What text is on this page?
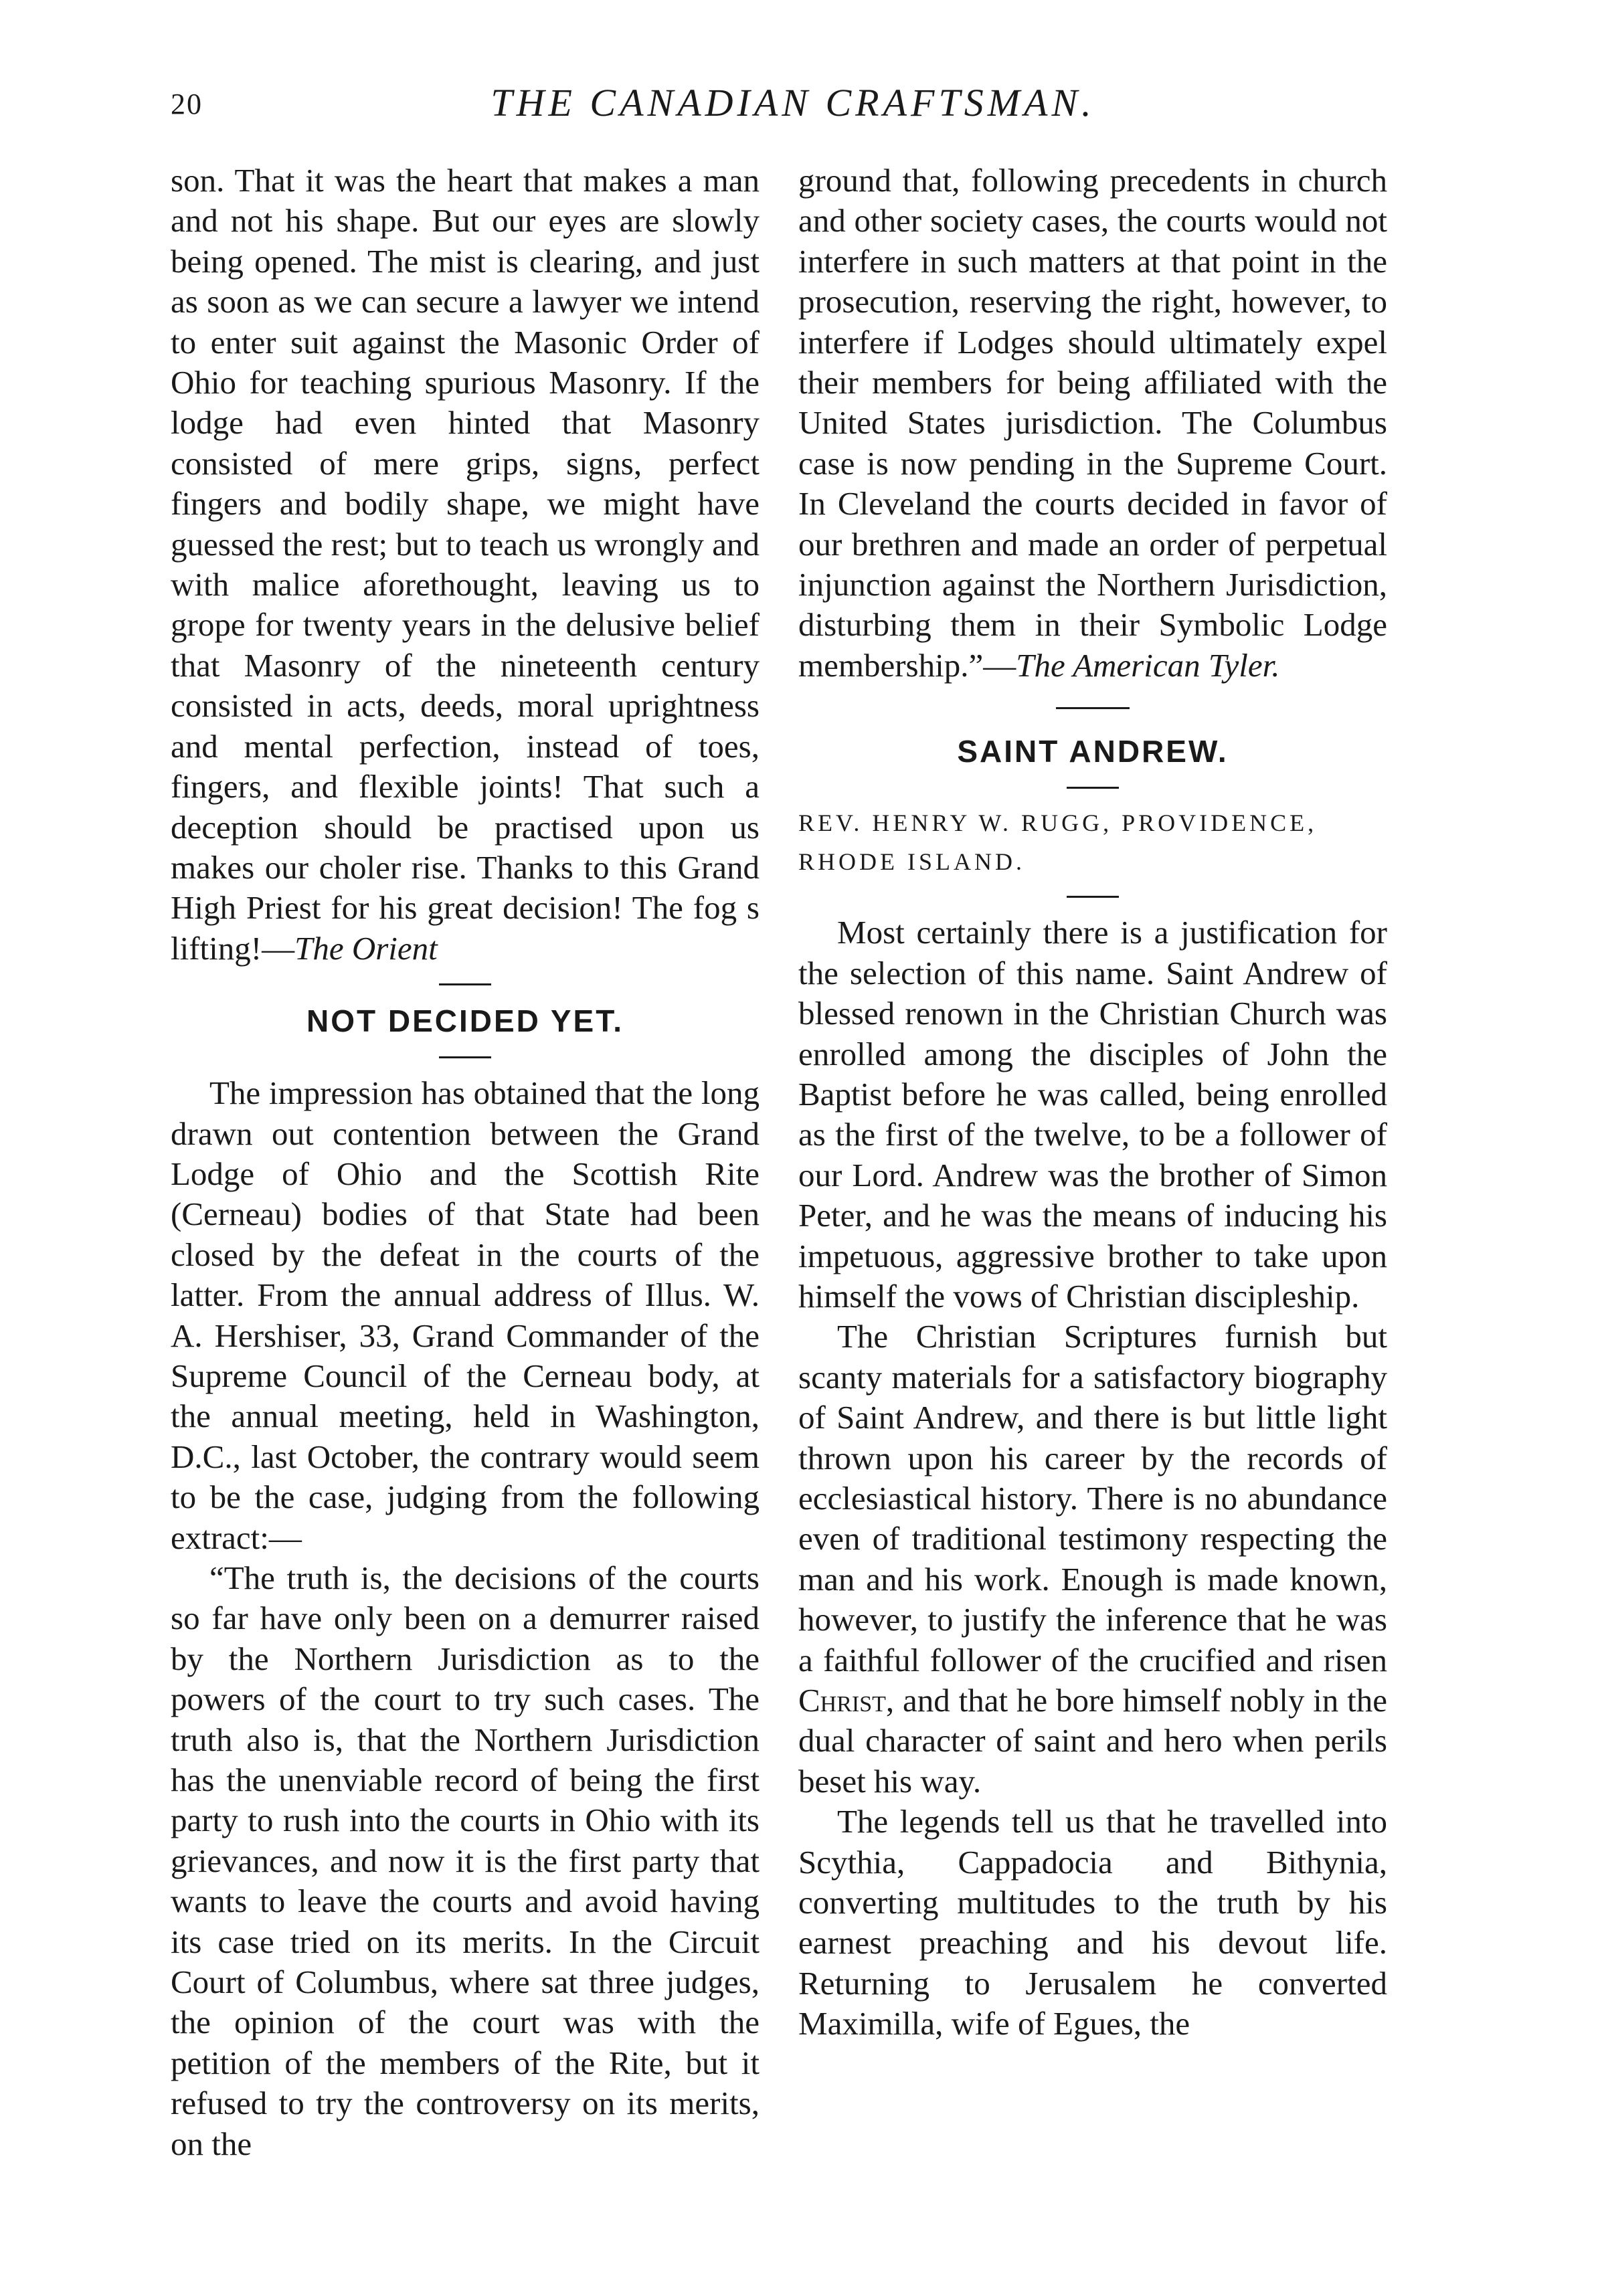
20	THE CANADIAN CRAFTSMAN.

son. That it was the heart that makes a man and not his shape. But our eyes are slowly being opened. The mist is clearing, and just as soon as we can secure a lawyer we intend to enter suit against the Masonic Order of Ohio for teaching spurious Masonry. If the lodge had even hinted that Masonry consisted of mere grips, signs, perfect fingers and bodily shape, we might have guessed the rest; but to teach us wrongly and with malice aforethought, leaving us to grope for twenty years in the delusive belief that Masonry of the nineteenth century consisted in acts, deeds, moral uprightness and mental perfection, instead of toes, fingers, and flexible joints! That such a deception should be practised upon us makes our choler rise. Thanks to this Grand High Priest for his great decision! The fog s lifting!—The Orient

NOT DECIDED YET.

The impression has obtained that the long drawn out contention between the Grand Lodge of Ohio and the Scottish Rite (Cerneau) bodies of that State had been closed by the defeat in the courts of the latter. From the annual address of Illus. W. A. Hershiser, 33, Grand Commander of the Supreme Council of the Cerneau body, at the annual meeting, held in Washington, D.C., last October, the contrary would seem to be the case, judging from the following extract:—

“The truth is, the decisions of the courts so far have only been on a demurrer raised by the Northern Jurisdiction as to the powers of the court to try such cases. The truth also is, that the Northern Jurisdiction has the unenviable record of being the first party to rush into the courts in Ohio with its grievances, and now it is the first party that wants to leave the courts and avoid having its case tried on its merits. In the Circuit Court of Columbus, where sat three judges, the opinion of the court was with the petition of the members of the Rite, but it refused to try the controversy on its merits, on the

ground that, following precedents in church and other society cases, the courts would not interfere in such matters at that point in the prosecution, reserving the right, however, to interfere if Lodges should ultimately expel their members for being affiliated with the United States jurisdiction. The Columbus case is now pending in the Supreme Court. In Cleveland the courts decided in favor of our brethren and made an order of perpetual injunction against the Northern Jurisdiction, disturbing them in their Symbolic Lodge membership.”—The American Tyler.

SAINT ANDREW.

REV. HENRY W. RUGG, PROVIDENCE,

RHODE ISLAND.

Most certainly there is a justification for the selection of this name. Saint Andrew of blessed renown in the Christian Church was enrolled among the disciples of John the Baptist before he was called, being enrolled as the first of the twelve, to be a follower of our Lord. Andrew was the brother of Simon Peter, and he was the means of inducing his impetuous, aggressive brother to take upon himself the vows of Christian discipleship.

The Christian Scriptures furnish but scanty materials for a satisfactory biography of Saint Andrew, and there is but little light thrown upon his career by the records of ecclesiastical history. There is no abundance even of traditional testimony respecting the man and his work. Enough is made known, however, to justify the inference that he was a faithful follower of the crucified and risen Christ, and that he bore himself nobly in the dual character of saint and hero when perils beset his way.

The legends tell us that he travelled into Scythia, Cappadocia and Bithynia, converting multitudes to the truth by his earnest preaching and his devout life. Returning to Jerusalem he converted Maximilla, wife of Egues, the
